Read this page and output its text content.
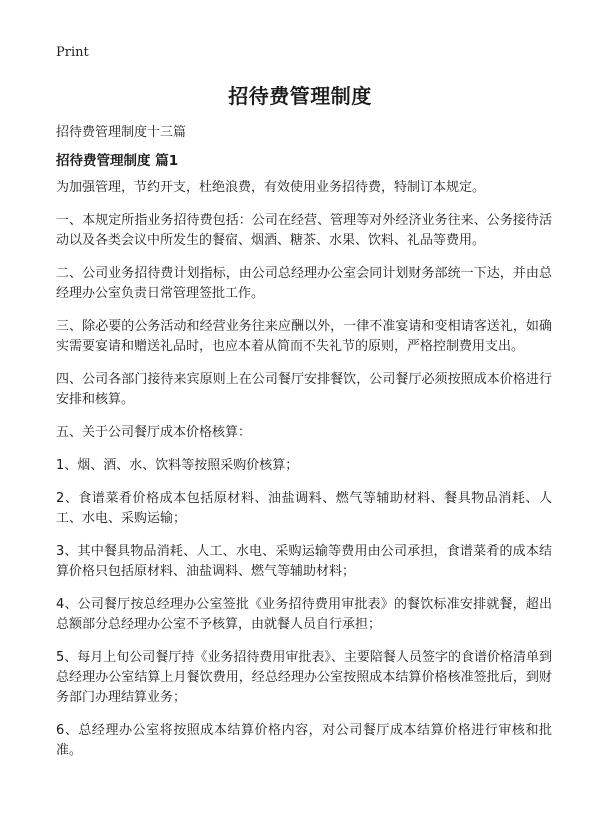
Print
招待费管理制度
招待费管理制度十三篇
招待费管理制度 篇1

为加强管理，节约开支，杜绝浪费，有效使用业务招待费，特制订本规定。

一、本规定所指业务招待费包括：公司在经营、管理等对外经济业务往来、公务接待活动以及各类会议中所发生的餐宿、烟酒、糖茶、水果、饮料、礼品等费用。

二、公司业务招待费计划指标，由公司总经理办公室会同计划财务部统一下达，并由总经理办公室负责日常管理签批工作。

三、除必要的公务活动和经营业务往来应酬以外，一律不准宴请和变相请客送礼，如确实需要宴请和赠送礼品时，也应本着从简而不失礼节的原则，严格控制费用支出。

四、公司各部门接待来宾原则上在公司餐厅安排餐饮，公司餐厅必须按照成本价格进行安排和核算。

五、关于公司餐厅成本价格核算：

1、烟、酒、水、饮料等按照采购价核算；

2、食谱菜肴价格成本包括原材料、油盐调料、燃气等辅助材料、餐具物品消耗、人工、水电、采购运输；

3、其中餐具物品消耗、人工、水电、采购运输等费用由公司承担，食谱菜肴的成本结算价格只包括原材料、油盐调料、燃气等辅助材料；

4、公司餐厅按总经理办公室签批《业务招待费用审批表》的餐饮标准安排就餐，超出总额部分总经理办公室不予核算，由就餐人员自行承担；

5、每月上旬公司餐厅持《业务招待费用审批表》、主要陪餐人员签字的食谱价格清单到总经理办公室结算上月餐饮费用，经总经理办公室按照成本结算价格核准签批后，到财务部门办理结算业务；

6、总经理办公室将按照成本结算价格内容，对公司餐厅成本结算价格进行审核和批准。
